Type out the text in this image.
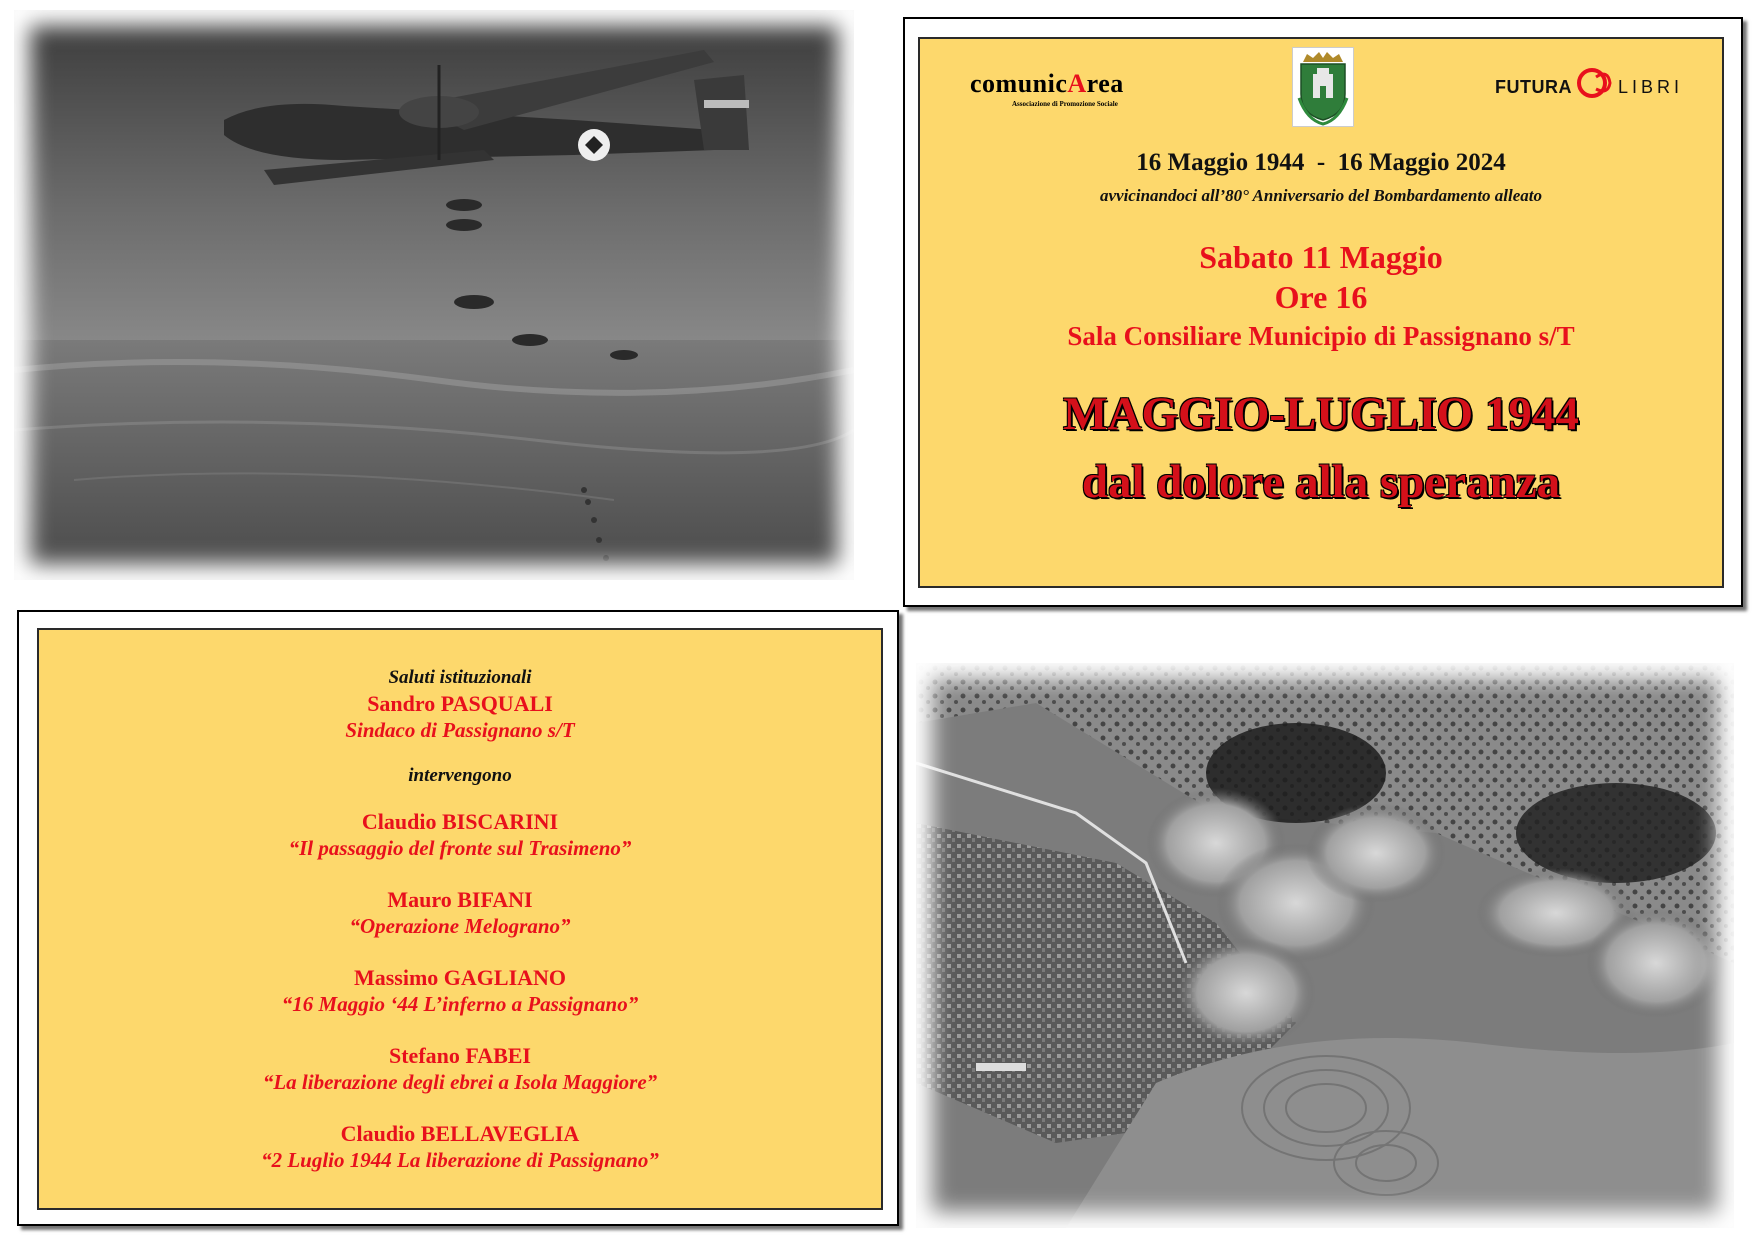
comunicArea
Associazione di Promozione Sociale
FUTURA	LIBRI
16 Maggio 1944  -  16 Maggio 2024
avvicinandoci all’80° Anniversario del Bombardamento alleato
Sabato 11 Maggio
Ore 16
Sala Consiliare Municipio di Passignano s/T
MAGGIO-LUGLIO 1944
dal dolore alla speranza
Saluti istituzionali
Sandro PASQUALI
Sindaco di Passignano s/T
intervengono
Claudio BISCARINI
“Il passaggio del fronte sul Trasimeno”
Mauro BIFANI
“Operazione Melograno”
Massimo GAGLIANO
“16 Maggio ‘44 L’inferno a Passignano”
Stefano FABEI
“La liberazione degli ebrei a Isola Maggiore”
Claudio BELLAVEGLIA
“2 Luglio 1944 La liberazione di Passignano”
